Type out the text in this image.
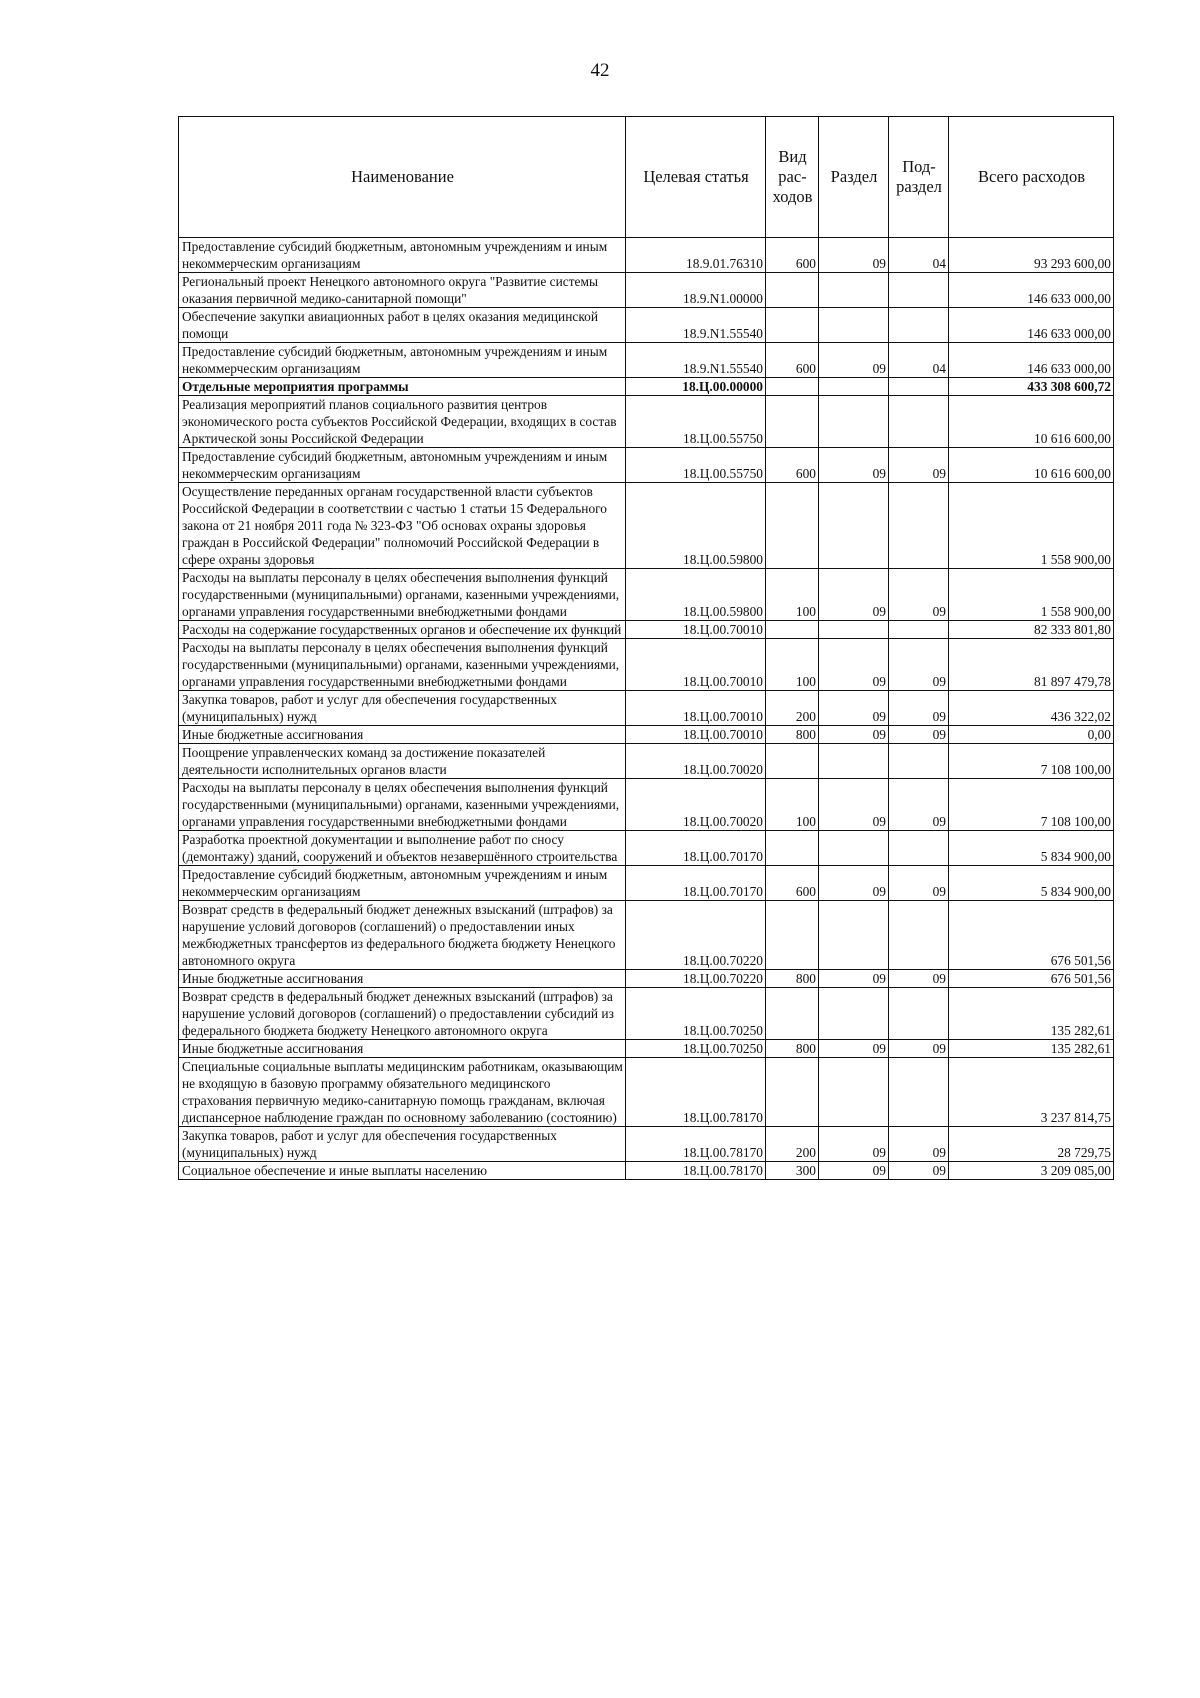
42
Наименование	Целевая статья	Вид рас-ходов	Раздел	Под-раздел	Всего расходов
Предоставление субсидий бюджетным, автономным учреждениям и иным некоммерческим организациям	18.9.01.76310	600	09	04	93 293 600,00
Региональный проект Ненецкого автономного округа "Развитие системы оказания первичной медико-санитарной помощи"	18.9.N1.00000				146 633 000,00
Обеспечение закупки авиационных работ в целях оказания медицинской помощи	18.9.N1.55540				146 633 000,00
Предоставление субсидий бюджетным, автономным учреждениям и иным некоммерческим организациям	18.9.N1.55540	600	09	04	146 633 000,00
Отдельные мероприятия программы	18.Ц.00.00000				433 308 600,72
Реализация мероприятий планов социального развития центров экономического роста субъектов Российской Федерации, входящих в состав Арктической зоны Российской Федерации	18.Ц.00.55750				10 616 600,00
Предоставление субсидий бюджетным, автономным учреждениям и иным некоммерческим организациям	18.Ц.00.55750	600	09	09	10 616 600,00
Осуществление переданных органам государственной власти субъектов Российской Федерации в соответствии с частью 1 статьи 15 Федерального закона от 21 ноября 2011 года № 323-ФЗ "Об основах охраны здоровья граждан в Российской Федерации" полномочий Российской Федерации в сфере охраны здоровья	18.Ц.00.59800				1 558 900,00
Расходы на выплаты персоналу в целях обеспечения выполнения функций государственными (муниципальными) органами, казенными учреждениями, органами управления государственными внебюджетными фондами	18.Ц.00.59800	100	09	09	1 558 900,00
Расходы на содержание государственных органов и обеспечение их функций	18.Ц.00.70010				82 333 801,80
Расходы на выплаты персоналу в целях обеспечения выполнения функций государственными (муниципальными) органами, казенными учреждениями, органами управления государственными внебюджетными фондами	18.Ц.00.70010	100	09	09	81 897 479,78
Закупка товаров, работ и услуг для обеспечения государственных (муниципальных) нужд	18.Ц.00.70010	200	09	09	436 322,02
Иные бюджетные ассигнования	18.Ц.00.70010	800	09	09	0,00
Поощрение управленческих команд за достижение показателей деятельности исполнительных органов власти	18.Ц.00.70020				7 108 100,00
Расходы на выплаты персоналу в целях обеспечения выполнения функций государственными (муниципальными) органами, казенными учреждениями, органами управления государственными внебюджетными фондами	18.Ц.00.70020	100	09	09	7 108 100,00
Разработка проектной документации и выполнение работ по сносу (демонтажу) зданий, сооружений и объектов незавершённого строительства	18.Ц.00.70170				5 834 900,00
Предоставление субсидий бюджетным, автономным учреждениям и иным некоммерческим организациям	18.Ц.00.70170	600	09	09	5 834 900,00
Возврат средств в федеральный бюджет денежных взысканий (штрафов) за нарушение условий договоров (соглашений) о предоставлении иных межбюджетных трансфертов из федерального бюджета бюджету Ненецкого автономного округа	18.Ц.00.70220				676 501,56
Иные бюджетные ассигнования	18.Ц.00.70220	800	09	09	676 501,56
Возврат средств в федеральный бюджет денежных взысканий (штрафов) за нарушение условий договоров (соглашений) о предоставлении субсидий из федерального бюджета бюджету Ненецкого автономного округа	18.Ц.00.70250				135 282,61
Иные бюджетные ассигнования	18.Ц.00.70250	800	09	09	135 282,61
Специальные социальные выплаты медицинским работникам, оказывающим не входящую в базовую программу обязательного медицинского страхования первичную медико-санитарную помощь гражданам, включая диспансерное наблюдение граждан по основному заболеванию (состоянию)	18.Ц.00.78170				3 237 814,75
Закупка товаров, работ и услуг для обеспечения государственных (муниципальных) нужд	18.Ц.00.78170	200	09	09	28 729,75
Социальное обеспечение и иные выплаты населению	18.Ц.00.78170	300	09	09	3 209 085,00
